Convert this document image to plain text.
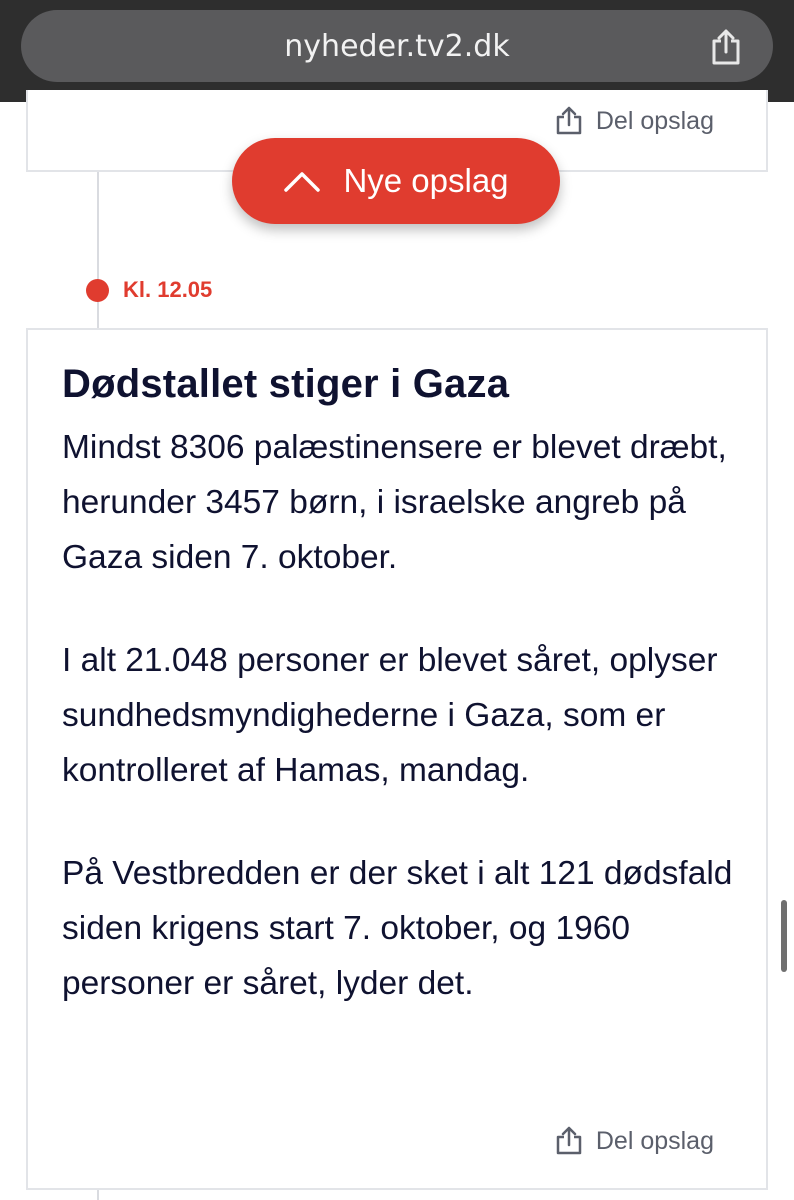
nyheder.tv2.dk
Del opslag
Nye opslag
Kl. 12.05
Del opslag
Dødstallet stiger i Gaza

Mindst 8306 palæstinensere er blevet dræbt, herunder 3457 børn, i israelske angreb på Gaza siden 7. oktober.

I alt 21.048 personer er blevet såret, oplyser sundhedsmyndighederne i Gaza, som er kontrolleret af Hamas, mandag.

På Vestbredden er der sket i alt 121 dødsfald siden krigens start 7. oktober, og 1960 personer er såret, lyder det.
